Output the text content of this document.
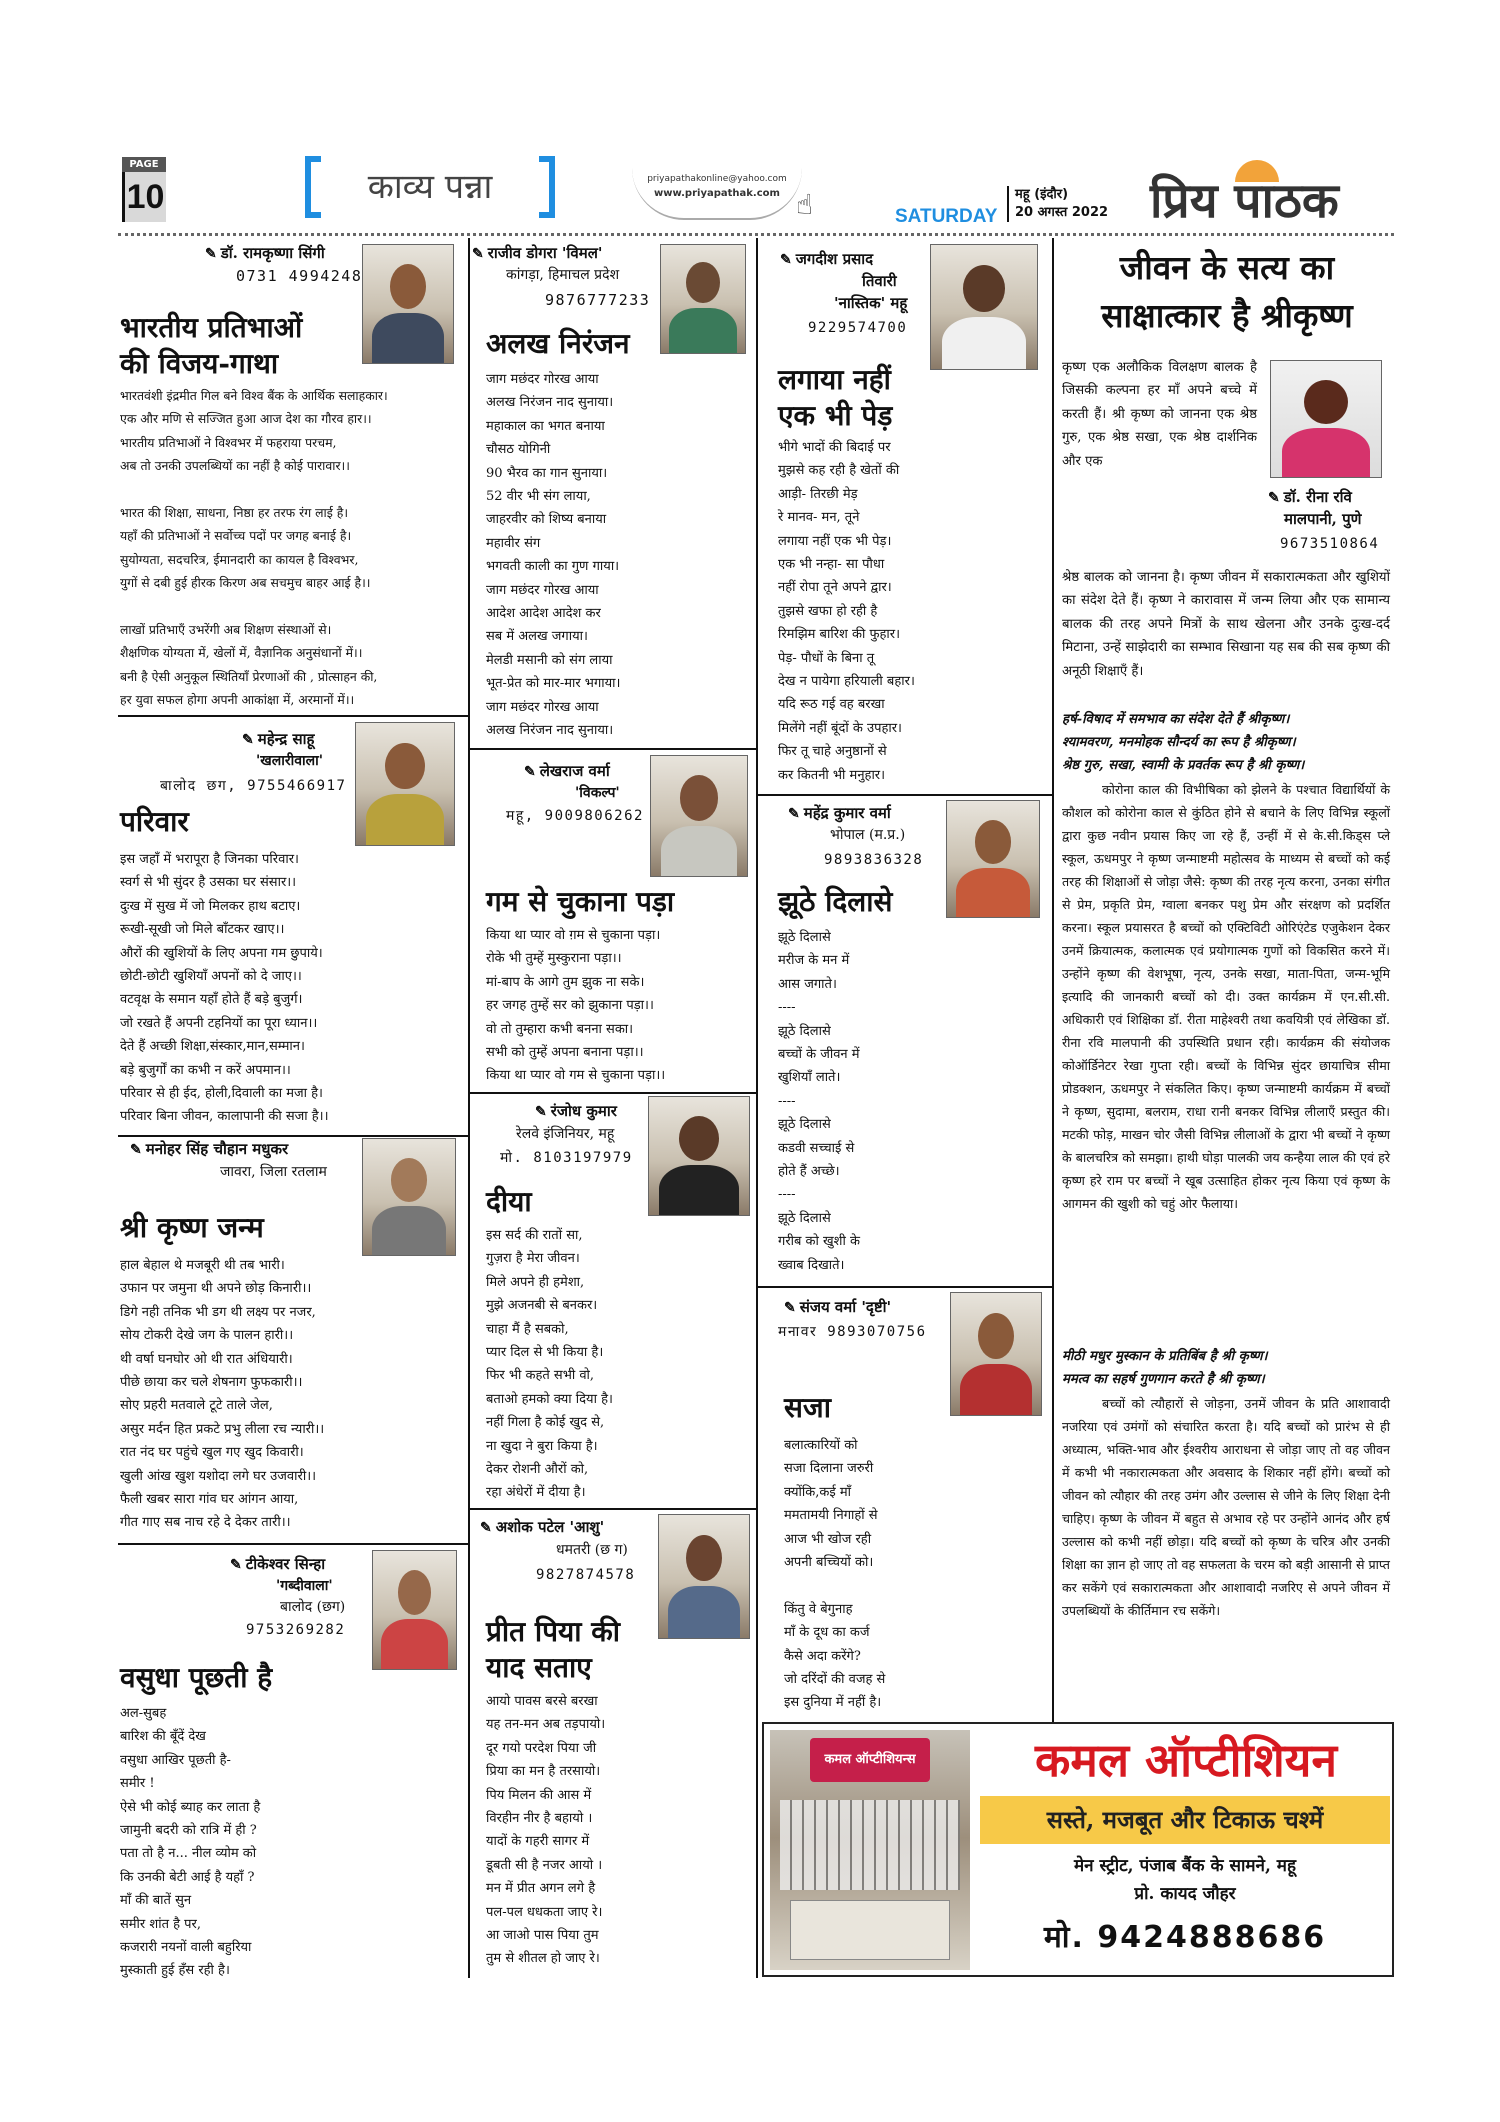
PAGE
10	काव्य पन्ना	priyapathakonline@yahoo.com
www.priyapathak.com ☝	SATURDAY
महू (इंदौर)
20 अगस्त 2022 प्रिय पाठक
✎ डॉ. रामकृष्णा सिंगी
0731 4994248
भारतीय प्रतिभाओं
की विजय-गाथा
भारतवंशी इंद्रमीत गिल बने विश्व बैंक के आर्थिक सलाहकार।
एक और मणि से सज्जित हुआ आज देश का गौरव हार।।
भारतीय प्रतिभाओं ने विश्वभर में फहराया परचम,
अब तो उनकी उपलब्धियों का नहीं है कोई पारावार।।

भारत की शिक्षा, साधना, निष्ठा हर तरफ रंग लाई है।
यहाँ की प्रतिभाओं ने सर्वोच्च पदों पर जगह बनाई है।
सुयोग्यता, सदचरित्र, ईमानदारी का कायल है विश्वभर,
युगों से दबी हुई हीरक किरण अब सचमुच बाहर आई है।।

लाखों प्रतिभाएँ उभरेंगी अब शिक्षण संस्थाओं से।
शैक्षणिक योग्यता में, खेलों में, वैज्ञानिक अनुसंधानों में।।
बनी है ऐसी अनुकूल स्थितियाँ प्रेरणाओं की , प्रोत्साहन की,
हर युवा सफल होगा अपनी आकांक्षा में, अरमानों में।।
✎ महेन्द्र साहू
'खलारीवाला'
बालोद छग, 9755466917
परिवार
इस जहाँ में भरापूरा है जिनका परिवार।
स्वर्ग से भी सुंदर है उसका घर संसार।।
दुःख में सुख में जो मिलकर हाथ बटाए।
रूखी-सूखी जो मिले बाँटकर खाए।।
औरों की खुशियों के लिए अपना गम छुपाये।
छोटी-छोटी खुशियाँ अपनों को दे जाए।।
वटवृक्ष के समान यहाँ होते हैं बड़े बुजुर्ग।
जो रखते हैं अपनी टहनियों का पूरा ध्यान।।
देते हैं अच्छी शिक्षा,संस्कार,मान,सम्मान।
बड़े बुजुर्गों का कभी न करें अपमान।।
परिवार से ही ईद, होली,दिवाली का मजा है।
परिवार बिना जीवन, कालापानी की सजा है।।
✎ मनोहर सिंह चौहान मधुकर
जावरा, जिला रतलाम
श्री कृष्ण जन्म
हाल बेहाल थे मजबूरी थी तब भारी।
उफान पर जमुना थी अपने छोड़ किनारी।।
डिगे नही तनिक भी डग थी लक्ष्य पर नजर,
सोय टोकरी देखे जग के पालन हारी।।
थी वर्षा घनघोर ओ थी रात अंधियारी।
पीछे छाया कर चले शेषनाग फुफकारी।।
सोए प्रहरी मतवाले टूटे ताले जेल,
असुर मर्दन हित प्रकटे प्रभु लीला रच न्यारी।।
रात नंद घर पहुंचे खुल गए खुद किवारी।
खुली आंख खुश यशोदा लगे घर उजवारी।।
फैली खबर सारा गांव घर आंगन आया,
गीत गाए सब नाच रहे दे देकर तारी।।
✎ टीकेश्वर सिन्हा
'गब्दीवाला'
बालोद (छग)
9753269282
वसुधा पूछती है
अल-सुबह
बारिश की बूँदें देख
वसुधा आखिर पूछती है-
समीर !
ऐसे भी कोई ब्याह कर लाता है
जामुनी बदरी को रात्रि में ही ?
पता तो है न... नील व्योम को
कि उनकी बेटी आई है यहाँ ?
माँ की बातें सुन
समीर शांत है पर,
कजरारी नयनों वाली बहुरिया
मुस्काती हुई हँस रही है।
✎ राजीव डोगरा 'विमल'
कांगड़ा, हिमाचल प्रदेश
9876777233
अलख निरंजन
जाग मछंदर गोरख आया
अलख निरंजन नाद सुनाया।
महाकाल का भगत बनाया
चौसठ योगिनी
90 भैरव का गान सुनाया।
52 वीर भी संग लाया,
जाहरवीर को शिष्य बनाया
महावीर संग
भगवती काली का गुण गाया।
जाग मछंदर गोरख आया
आदेश आदेश आदेश कर
सब में अलख जगाया।
मेलडी मसानी को संग लाया
भूत-प्रेत को मार-मार भगाया।
जाग मछंदर गोरख आया
अलख निरंजन नाद सुनाया।
✎ लेखराज वर्मा
'विकल्प'
महू, 9009806262
गम से चुकाना पड़ा
किया था प्यार वो ग़म से चुकाना पड़ा।
रोके भी तुम्हें मुस्कुराना पड़ा।।
मां-बाप के आगे तुम झुक ना सके।
हर जगह तुम्हें सर को झुकाना पड़ा।।
वो तो तुम्हारा कभी बनना सका।
सभी को तुम्हें अपना बनाना पड़ा।।
किया था प्यार वो गम से चुकाना पड़ा।।
✎ रंजोध कुमार
रेलवे इंजिनियर, महू
मो. 8103197979
दीया
इस सर्द की रातों सा,
गुज़रा है मेरा जीवन।
मिले अपने ही हमेशा,
मुझे अजनबी से बनकर।
चाहा मैं है सबको,
प्यार दिल से भी किया है।
फिर भी कहते सभी वो,
बताओ हमको क्या दिया है।
नहीं गिला है कोई खुद से,
ना खुदा ने बुरा किया है।
देकर रोशनी औरों को,
रहा अंधेरों में दीया है।
✎ अशोक पटेल 'आशु'
धमतरी (छ ग)
9827874578
प्रीत पिया की
याद सताए
आयो पावस बरसे बरखा
यह तन-मन अब तड़पायो।
दूर गयो परदेश पिया जी
प्रिया का मन है तरसायो।
पिय मिलन की आस में
विरहीन नीर है बहायो ।
यादों के गहरी सागर में
डूबती सी है नजर आयो ।
मन में प्रीत अगन लगे है
पल-पल धधकता जाए रे।
आ जाओ पास पिया तुम
तुम से शीतल हो जाए रे।
✎ जगदीश प्रसाद
तिवारी
'नास्तिक' महू
9229574700
लगाया नहीं
एक भी पेड़
भीगे भादों की बिदाई पर
मुझसे कह रही है खेतों की
आड़ी- तिरछी मेड़
रे मानव- मन, तूने
लगाया नहीं एक भी पेड़।
एक भी नन्हा- सा पौधा
नहीं रोपा तूने अपने द्वार।
तुझसे खफा हो रही है
रिमझिम बारिश की फुहार।
पेड़- पौधों के बिना तू
देख न पायेगा हरियाली बहार।
यदि रूठ गई वह बरखा
मिलेंगे नहीं बूंदों के उपहार।
फिर तू चाहे अनुष्ठानों से
कर कितनी भी मनुहार।
✎ महेंद्र कुमार वर्मा
भोपाल (म.प्र.)
9893836328
झूठे दिलासे
झूठे दिलासे
मरीज के मन में
आस जगाते।
----
झूठे दिलासे
बच्चों के जीवन में
खुशियाँ लाते।
----
झूठे दिलासे
कडवी सच्चाई से
होते हैं अच्छे।
----
झूठे दिलासे
गरीब को खुशी के
ख्वाब दिखाते।
✎ संजय वर्मा 'दृष्टी'
मनावर 9893070756
सजा
बलात्कारियों को
सजा दिलाना जरुरी
क्योंकि,कई माँ
ममतामयी निगाहों से
आज भी खोज रही
अपनी बच्चियों को।

किंतु वे बेगुनाह
माँ के दूध का कर्ज
कैसे अदा करेंगे?
जो दरिंदों की वजह से
इस दुनिया में नहीं है।
जीवन के सत्य का
साक्षात्कार है श्रीकृष्ण
✎ डॉ. रीना रवि
मालपानी, पुणे
9673510864

कृष्ण एक अलौकिक विलक्षण बालक है जिसकी कल्पना हर माँ अपने बच्चे में करती हैं। श्री कृष्ण को जानना एक श्रेष्ठ गुरु, एक श्रेष्ठ सखा, एक श्रेष्ठ दार्शनिक और एक

श्रेष्ठ बालक को जानना है। कृष्ण जीवन में सकारात्मकता और खुशियों का संदेश देते हैं। कृष्ण ने कारावास में जन्म लिया और एक सामान्य बालक की तरह अपने मित्रों के साथ खेलना और उनके दुःख-दर्द मिटाना, उन्हें साझेदारी का सम्भाव सिखाना यह सब की सब कृष्ण की अनूठी शिक्षाएँ हैं।

हर्ष-विषाद में समभाव का संदेश देते हैं श्रीकृष्ण।
श्यामवरण, मनमोहक सौन्दर्य का रूप है श्रीकृष्ण।
श्रेष्ठ गुरु, सखा, स्वामी के प्रवर्तक रूप है श्री कृष्ण।

कोरोना काल की विभीषिका को झेलने के पश्चात विद्यार्थियों के कौशल को कोरोना काल से कुंठित होने से बचाने के लिए विभिन्न स्कूलों द्वारा कुछ नवीन प्रयास किए जा रहे हैं, उन्हीं में से के.सी.किड्स प्ले स्कूल, ऊधमपुर ने कृष्ण जन्माष्टमी महोत्सव के माध्यम से बच्चों को कई तरह की शिक्षाओं से जोड़ा जैसे: कृष्ण की तरह नृत्य करना, उनका संगीत से प्रेम, प्रकृति प्रेम, ग्वाला बनकर पशु प्रेम और संरक्षण को प्रदर्शित करना। स्कूल प्रयासरत है बच्चों को एक्टिविटी ओरिएंटेड एजुकेशन देकर उनमें क्रियात्मक, कलात्मक एवं प्रयोगात्मक गुणों को विकसित करने में। उन्होंने कृष्ण की वेशभूषा, नृत्य, उनके सखा, माता-पिता, जन्म-भूमि इत्यादि की जानकारी बच्चों को दी। उक्त कार्यक्रम में एन.सी.सी. अधिकारी एवं शिक्षिका डॉ. रीता माहेश्वरी तथा कवयित्री एवं लेखिका डॉ. रीना रवि मालपानी की उपस्थिति प्रधान रही। कार्यक्रम की संयोजक कोऑर्डिनेटर रेखा गुप्ता रही। बच्चों के विभिन्न सुंदर छायाचित्र सीमा प्रोडक्शन, ऊधमपुर ने संकलित किए। कृष्ण जन्माष्टमी कार्यक्रम में बच्चों ने कृष्ण, सुदामा, बलराम, राधा रानी बनकर विभिन्न लीलाएँ प्रस्तुत की। मटकी फोड़, माखन चोर जैसी विभिन्न लीलाओं के द्वारा भी बच्चों ने कृष्ण के बालचरित्र को समझा। हाथी घोड़ा पालकी जय कन्हैया लाल की एवं हरे कृष्ण हरे राम पर बच्चों ने खूब उत्साहित होकर नृत्य किया एवं कृष्ण के आगमन की खुशी को चहुं ओर फैलाया।

मीठी मधुर मुस्कान के प्रतिबिंब है श्री कृष्ण।
ममत्व का सहर्ष गुणगान करते है श्री कृष्ण।

बच्चों को त्यौहारों से जोड़ना, उनमें जीवन के प्रति आशावादी नजरिया एवं उमंगों को संचारित करता है। यदि बच्चों को प्रारंभ से ही अध्यात्म, भक्ति-भाव और ईश्वरीय आराधना से जोड़ा जाए तो वह जीवन में कभी भी नकारात्मकता और अवसाद के शिकार नहीं होंगे। बच्चों को जीवन को त्यौहार की तरह उमंग और उल्लास से जीने के लिए शिक्षा देनी चाहिए। कृष्ण के जीवन में बहुत से अभाव रहे पर उन्होंने आनंद और हर्ष उल्लास को कभी नहीं छोड़ा। यदि बच्चों को कृष्ण के चरित्र और उनकी शिक्षा का ज्ञान हो जाए तो वह सफलता के चरम को बड़ी आसानी से प्राप्त कर सकेंगे एवं सकारात्मकता और आशावादी नजरिए से अपने जीवन में उपलब्धियों के कीर्तिमान रच सकेंगे।

कमल ऑप्टीशियन्स	कमल ऑप्टीशियन
सस्ते, मजबूत और टिकाऊ चश्में
मेन स्ट्रीट, पंजाब बैंक के सामने, महू
प्रो. कायद जौहर
मो. 9424888686
